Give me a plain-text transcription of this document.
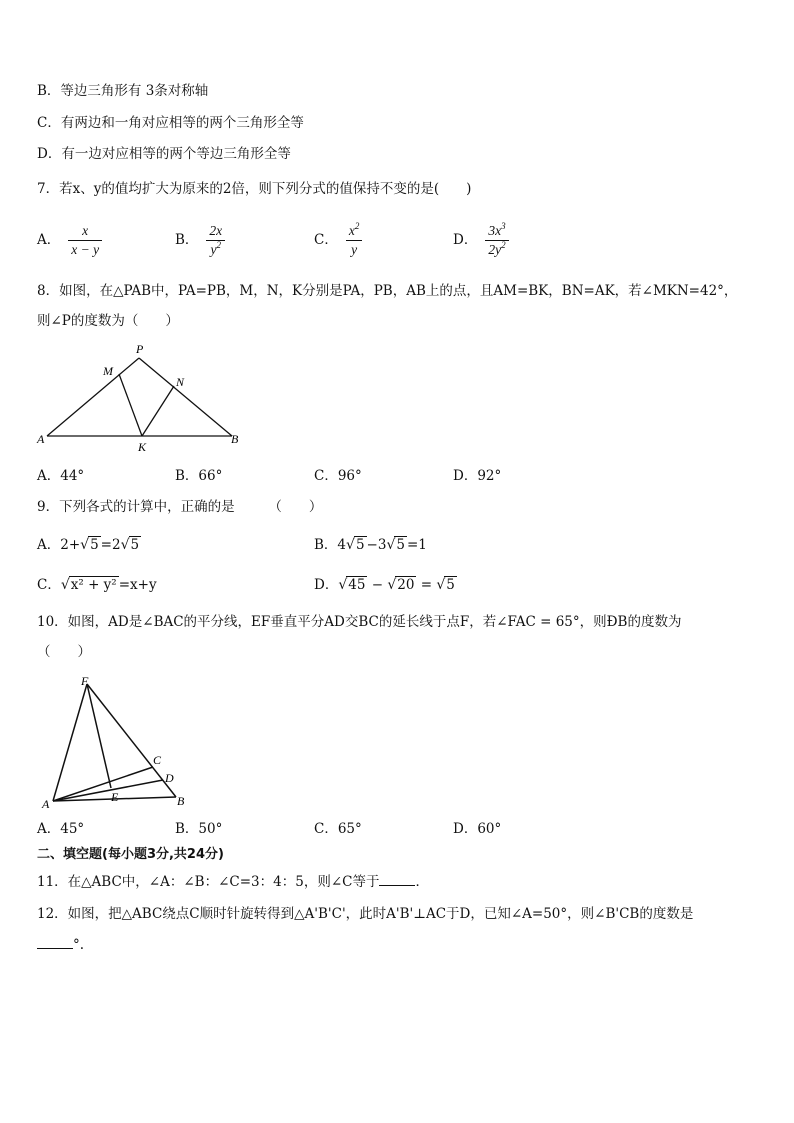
B．等边三角形有 3条对称轴
C．有两边和一角对应相等的两个三角形全等
D．有一边对应相等的两个等边三角形全等
7．若x、y的值均扩大为原来的2倍，则下列分式的值保持不变的是(　　)
A． $\frac{x}{x - y}$	B． $\frac{2x}{y^2}$	C． $\frac{x^2}{y}$	D． $\frac{3x^3}{2y^2}$
8．如图，在△PAB中，PA=PB，M，N，K分别是PA，PB，AB上的点，且AM=BK，BN=AK，若∠MKN=42°，
则∠P的度数为（　　）
P
M
N
A
K
B
A．44°	B．66°	C．96°	D．92°
9．下列各式的计算中，正确的是　　　（　　）
A．2+√5 =2√5	B．4√5 −3√5 =1
C．√x² + y² =x+y	D．√45 − √20 = √5
10．如图，AD是∠BAC的平分线，EF垂直平分AD交BC的延长线于点F，若∠FAC = 65°，则ÐB的度数为
（　　）
F
C
D
A	E	B
A．45°	B．50°	C．65°	D．60°
二、填空题(每小题3分,共24分)
11．在△ABC中，∠A：∠B：∠C=3：4：5，则∠C等于	．
12．如图，把△ABC绕点C顺时针旋转得到△A'B'C'，此时A'B'⊥AC于D，已知∠A=50°，则∠B'CB的度数是
°.
